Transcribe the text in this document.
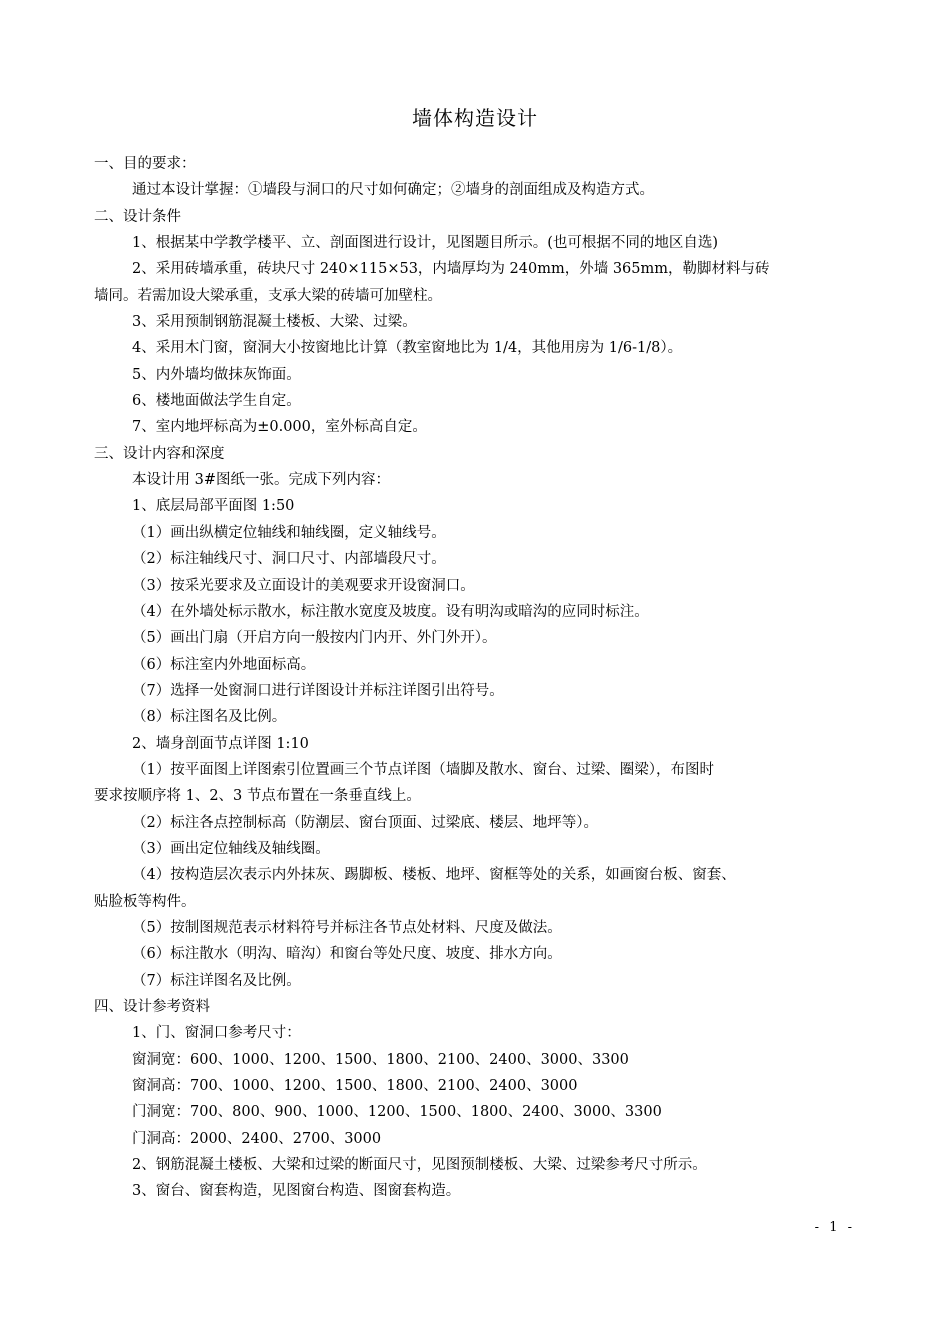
墙体构造设计
一、目的要求：
通过本设计掌握：①墙段与洞口的尺寸如何确定；②墙身的剖面组成及构造方式。
二、设计条件
1、根据某中学教学楼平、立、剖面图进行设计，见图题目所示。(也可根据不同的地区自选)
2、采用砖墙承重，砖块尺寸 240×115×53，内墙厚均为 240mm，外墙 365mm，勒脚材料与砖
墙同。若需加设大梁承重，支承大梁的砖墙可加壁柱。
3、采用预制钢筋混凝土楼板、大梁、过梁。
4、采用木门窗，窗洞大小按窗地比计算（教室窗地比为 1/4，其他用房为 1/6-1/8）。
5、内外墙均做抹灰饰面。
6、楼地面做法学生自定。
7、室内地坪标高为±0.000，室外标高自定。
三、设计内容和深度
本设计用 3#图纸一张。完成下列内容：
1、底层局部平面图 1:50
（1）画出纵横定位轴线和轴线圈，定义轴线号。
（2）标注轴线尺寸、洞口尺寸、内部墙段尺寸。
（3）按采光要求及立面设计的美观要求开设窗洞口。
（4）在外墙处标示散水，标注散水宽度及坡度。设有明沟或暗沟的应同时标注。
（5）画出门扇（开启方向一般按内门内开、外门外开）。
（6）标注室内外地面标高。
（7）选择一处窗洞口进行详图设计并标注详图引出符号。
（8）标注图名及比例。
2、墙身剖面节点详图 1:10
（1）按平面图上详图索引位置画三个节点详图（墙脚及散水、窗台、过梁、圈梁），布图时
要求按顺序将 1、2、3 节点布置在一条垂直线上。
（2）标注各点控制标高（防潮层、窗台顶面、过梁底、楼层、地坪等）。
（3）画出定位轴线及轴线圈。
（4）按构造层次表示内外抹灰、踢脚板、楼板、地坪、窗框等处的关系，如画窗台板、窗套、
贴脸板等构件。
（5）按制图规范表示材料符号并标注各节点处材料、尺度及做法。
（6）标注散水（明沟、暗沟）和窗台等处尺度、坡度、排水方向。
（7）标注详图名及比例。
四、设计参考资料
1、门、窗洞口参考尺寸：
窗洞宽：600、1000、1200、1500、1800、2100、2400、3000、3300
窗洞高：700、1000、1200、1500、1800、2100、2400、3000
门洞宽：700、800、900、1000、1200、1500、1800、2400、3000、3300
门洞高：2000、2400、2700、3000
2、钢筋混凝土楼板、大梁和过梁的断面尺寸，见图预制楼板、大梁、过梁参考尺寸所示。
3、窗台、窗套构造，见图窗台构造、图窗套构造。
- 1 -
